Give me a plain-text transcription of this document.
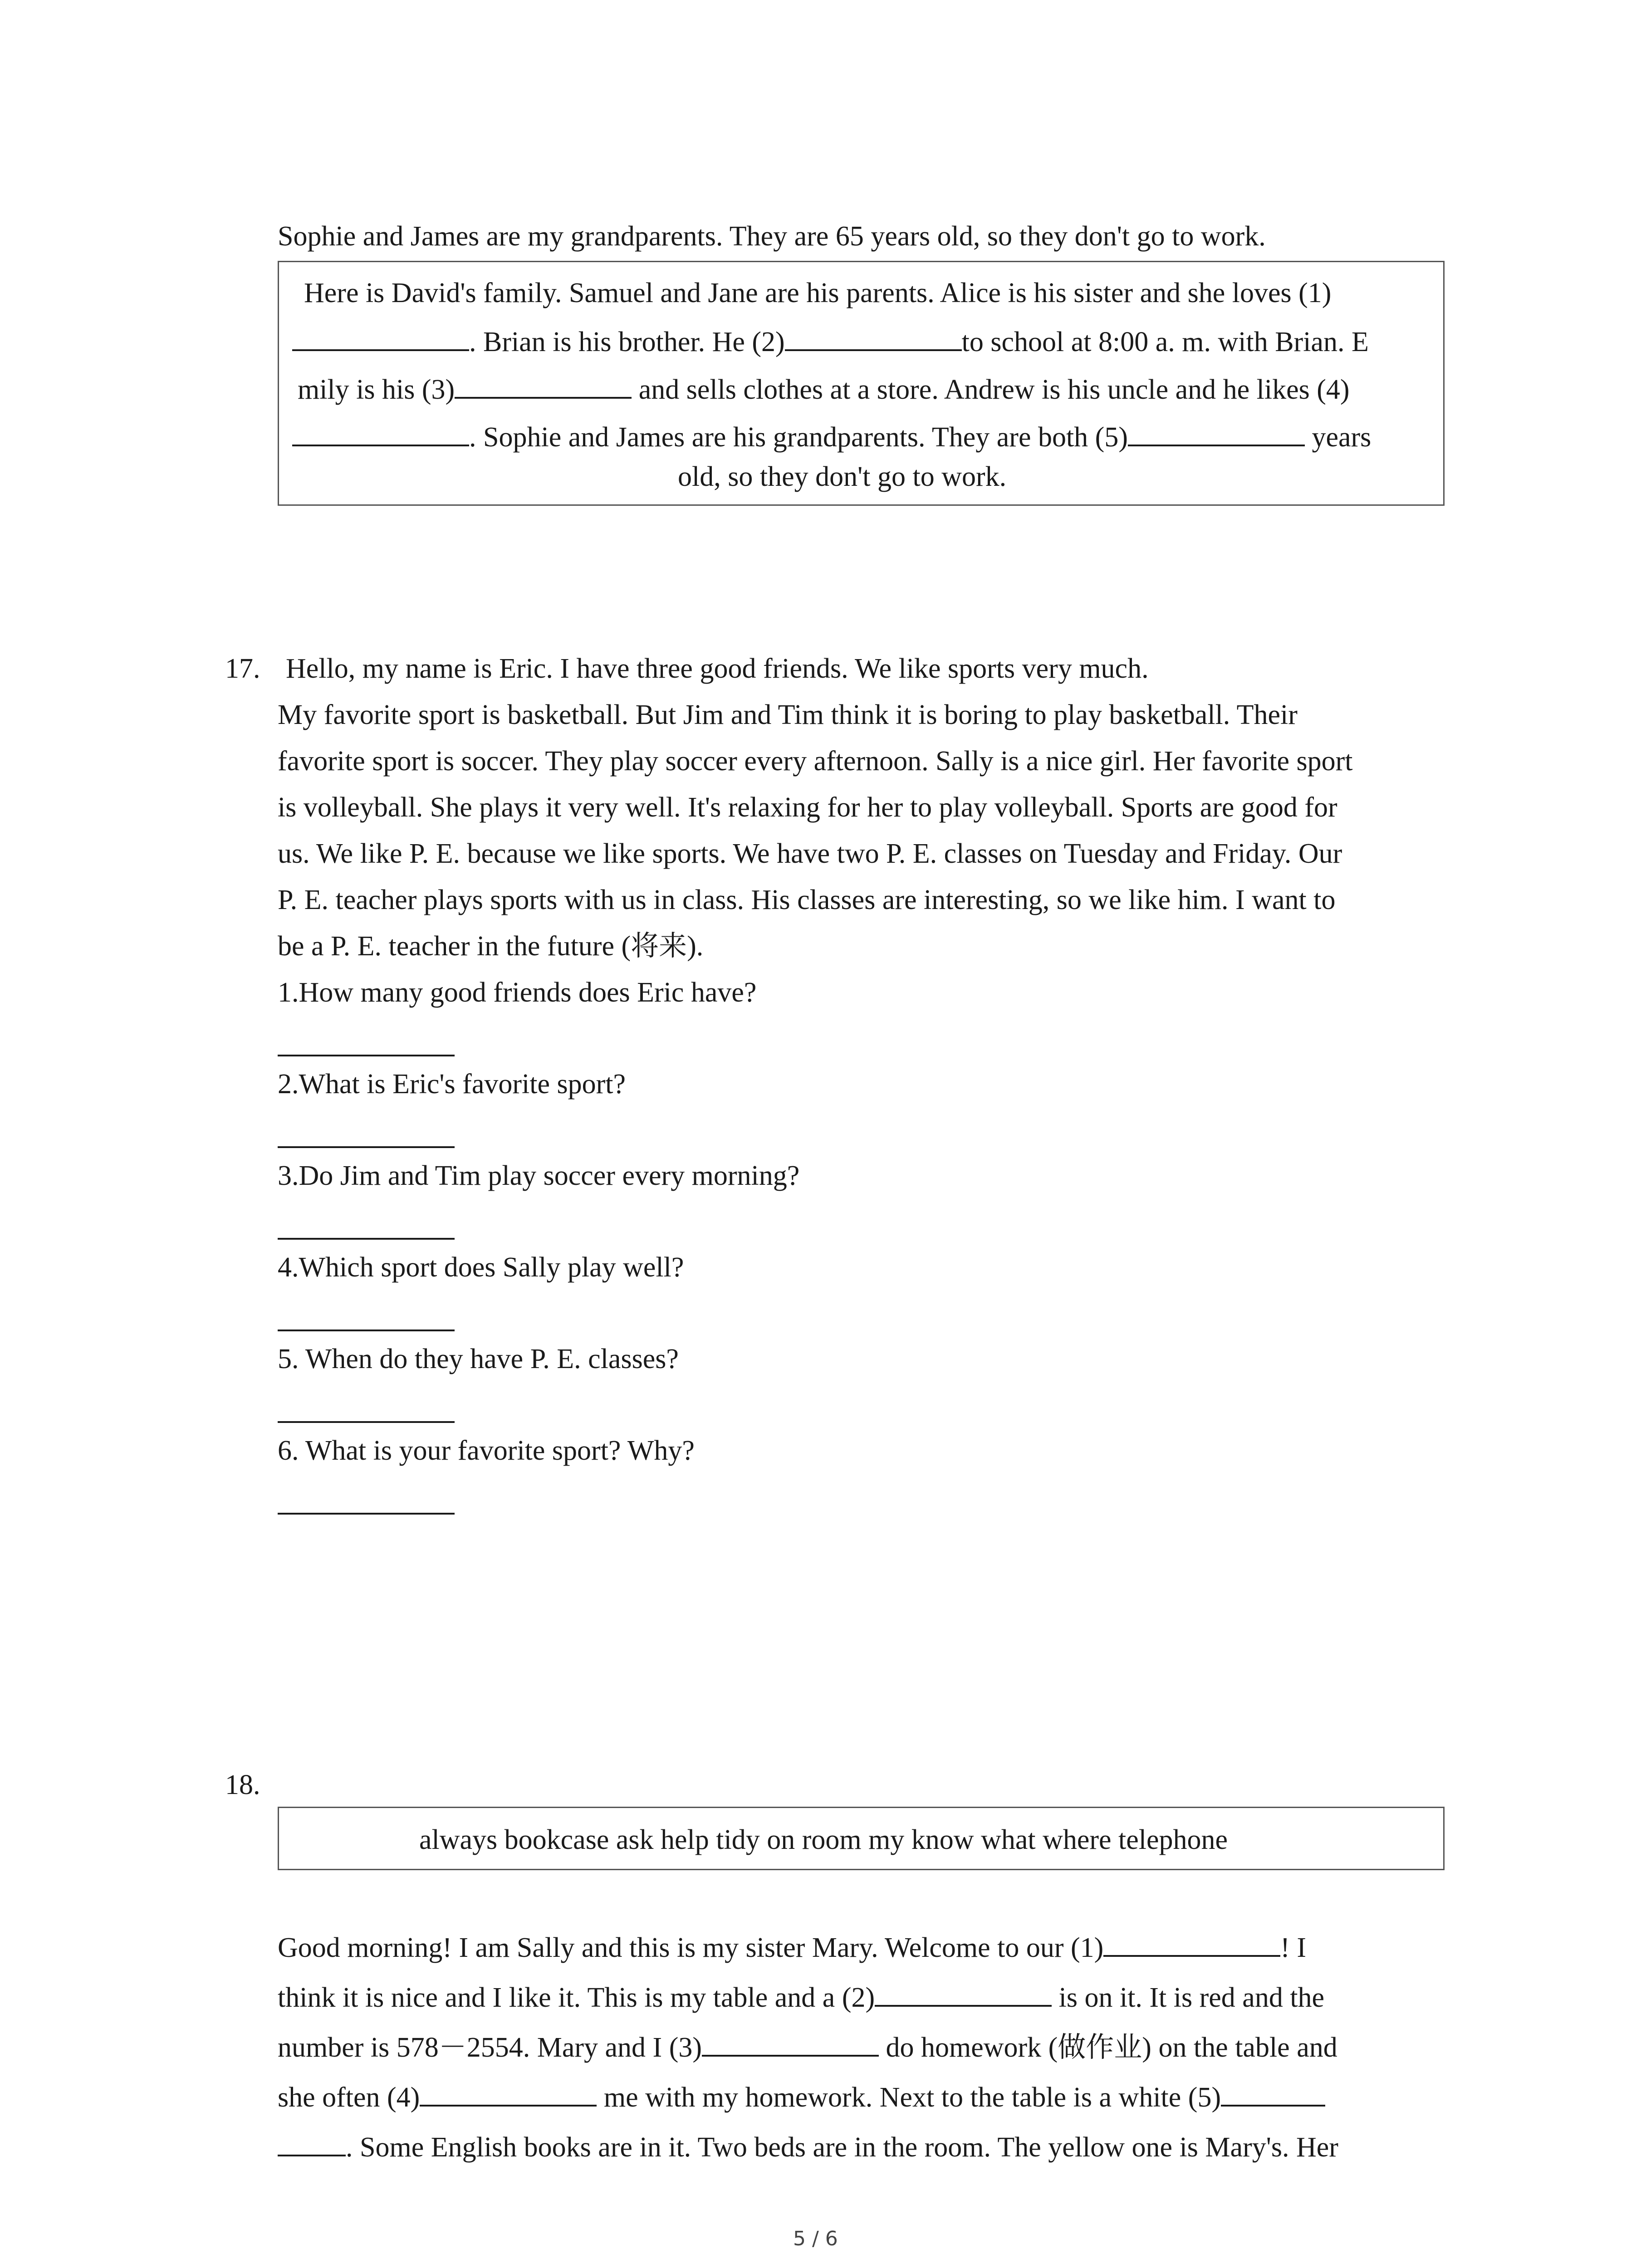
Sophie and James are my grandparents. They are 65 years old, so they don't go to work.
Here is David's family. Samuel and Jane are his parents. Alice is his sister and she loves (1)
. Brian is his brother. He (2)	to school at 8:00 a. m. with Brian. E
mily is his (3)	and sells clothes at a store. Andrew is his uncle and he likes (4)
. Sophie and James are his grandparents. They are both (5)	years
old, so they don't go to work.
17. Hello, my name is Eric. I have three good friends. We like sports very much.
My favorite sport is basketball. But Jim and Tim think it is boring to play basketball. Their
favorite sport is soccer. They play soccer every afternoon. Sally is a nice girl. Her favorite sport
is volleyball. She plays it very well. It's relaxing for her to play volleyball. Sports are good for
us. We like P. E. because we like sports. We have two P. E. classes on Tuesday and Friday. Our
P. E. teacher plays sports with us in class. His classes are interesting, so we like him. I want to
be a P. E. teacher in the future (将来).
1.How many good friends does Eric have?
2.What is Eric's favorite sport?
3.Do Jim and Tim play soccer every morning?
4.Which sport does Sally play well?
5. When do they have P. E. classes?
6. What is your favorite sport? Why?
18.
always bookcase ask help tidy on room my know what where telephone
Good morning! I am Sally and this is my sister Mary. Welcome to our (1)	! I
think it is nice and I like it. This is my table and a (2)	is on it. It is red and the
number is 578－2554. Mary and I (3)	do homework (做作业) on the table and
she often (4)	me with my homework. Next to the table is a white (5)
. Some English books are in it. Two beds are in the room. The yellow one is Mary's. Her
5 / 6
